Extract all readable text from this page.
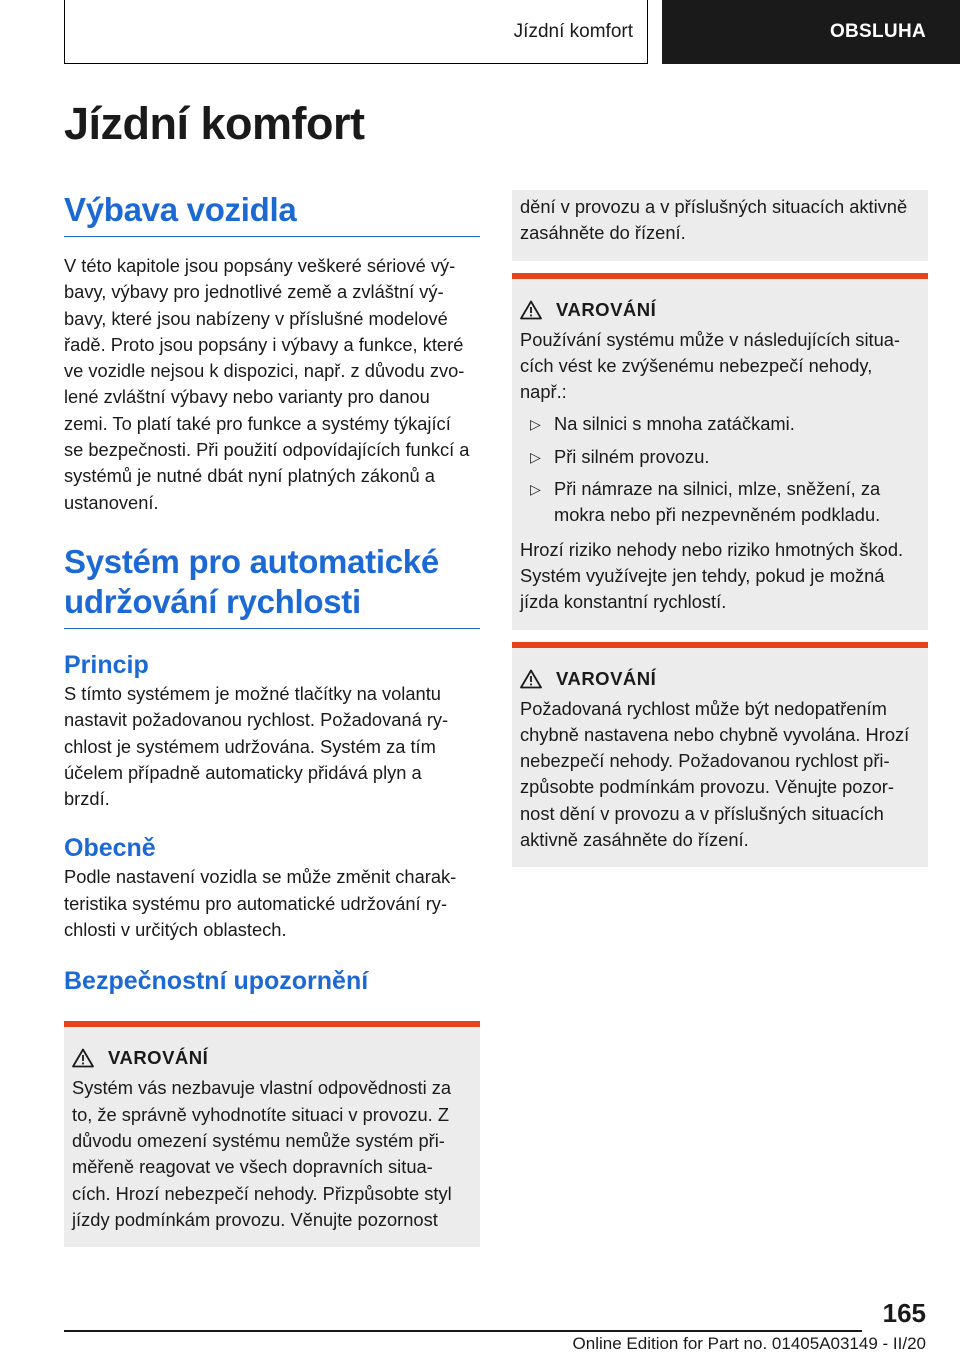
Jízdní komfort	OBSLUHA
Jízdní komfort
Výbava vozidla

V této kapitole jsou popsány veškeré sériové vý-
bavy, výbavy pro jednotlivé země a zvláštní vý-
bavy, které jsou nabízeny v příslušné modelové
řadě. Proto jsou popsány i výbavy a funkce, které
ve vozidle nejsou k dispozici, např. z důvodu zvo-
lené zvláštní výbavy nebo varianty pro danou
zemi. To platí také pro funkce a systémy týkající
se bezpečnosti. Při použití odpovídajících funkcí a
systémů je nutné dbát nyní platných zákonů a
ustanovení.

Systém pro automatické
udržování rychlosti
Princip

S tímto systémem je možné tlačítky na volantu
nastavit požadovanou rychlost. Požadovaná ry-
chlost je systémem udržována. Systém za tím
účelem případně automaticky přidává plyn a
brzdí.

Obecně

Podle nastavení vozidla se může změnit charak-
teristika systému pro automatické udržování ry-
chlosti v určitých oblastech.

Bezpečnostní upozornění
VAROVÁNÍ

Systém vás nezbavuje vlastní odpovědnosti za
to, že správně vyhodnotíte situaci v provozu. Z
důvodu omezení systému nemůže systém při-
měřeně reagovat ve všech dopravních situa-
cích. Hrozí nebezpečí nehody. Přizpůsobte styl
jízdy podmínkám provozu. Věnujte pozornost

dění v provozu a v příslušných situacích aktivně
zasáhněte do řízení.

VAROVÁNÍ

Používání systému může v následujících situa-
cích vést ke zvýšenému nebezpečí nehody,
např.:

▷ Na silnici s mnoha zatáčkami.
▷ Při silném provozu.
▷ Při námraze na silnici, mlze, sněžení, za
mokra nebo při nezpevněném podkladu.

Hrozí riziko nehody nebo riziko hmotných škod.
Systém využívejte jen tehdy, pokud je možná
jízda konstantní rychlostí.

VAROVÁNÍ

Požadovaná rychlost může být nedopatřením
chybně nastavena nebo chybně vyvolána. Hrozí
nebezpečí nehody. Požadovanou rychlost při-
způsobte podmínkám provozu. Věnujte pozor-
nost dění v provozu a v příslušných situacích
aktivně zasáhněte do řízení.

165
Online Edition for Part no. 01405A03149 - II/20
